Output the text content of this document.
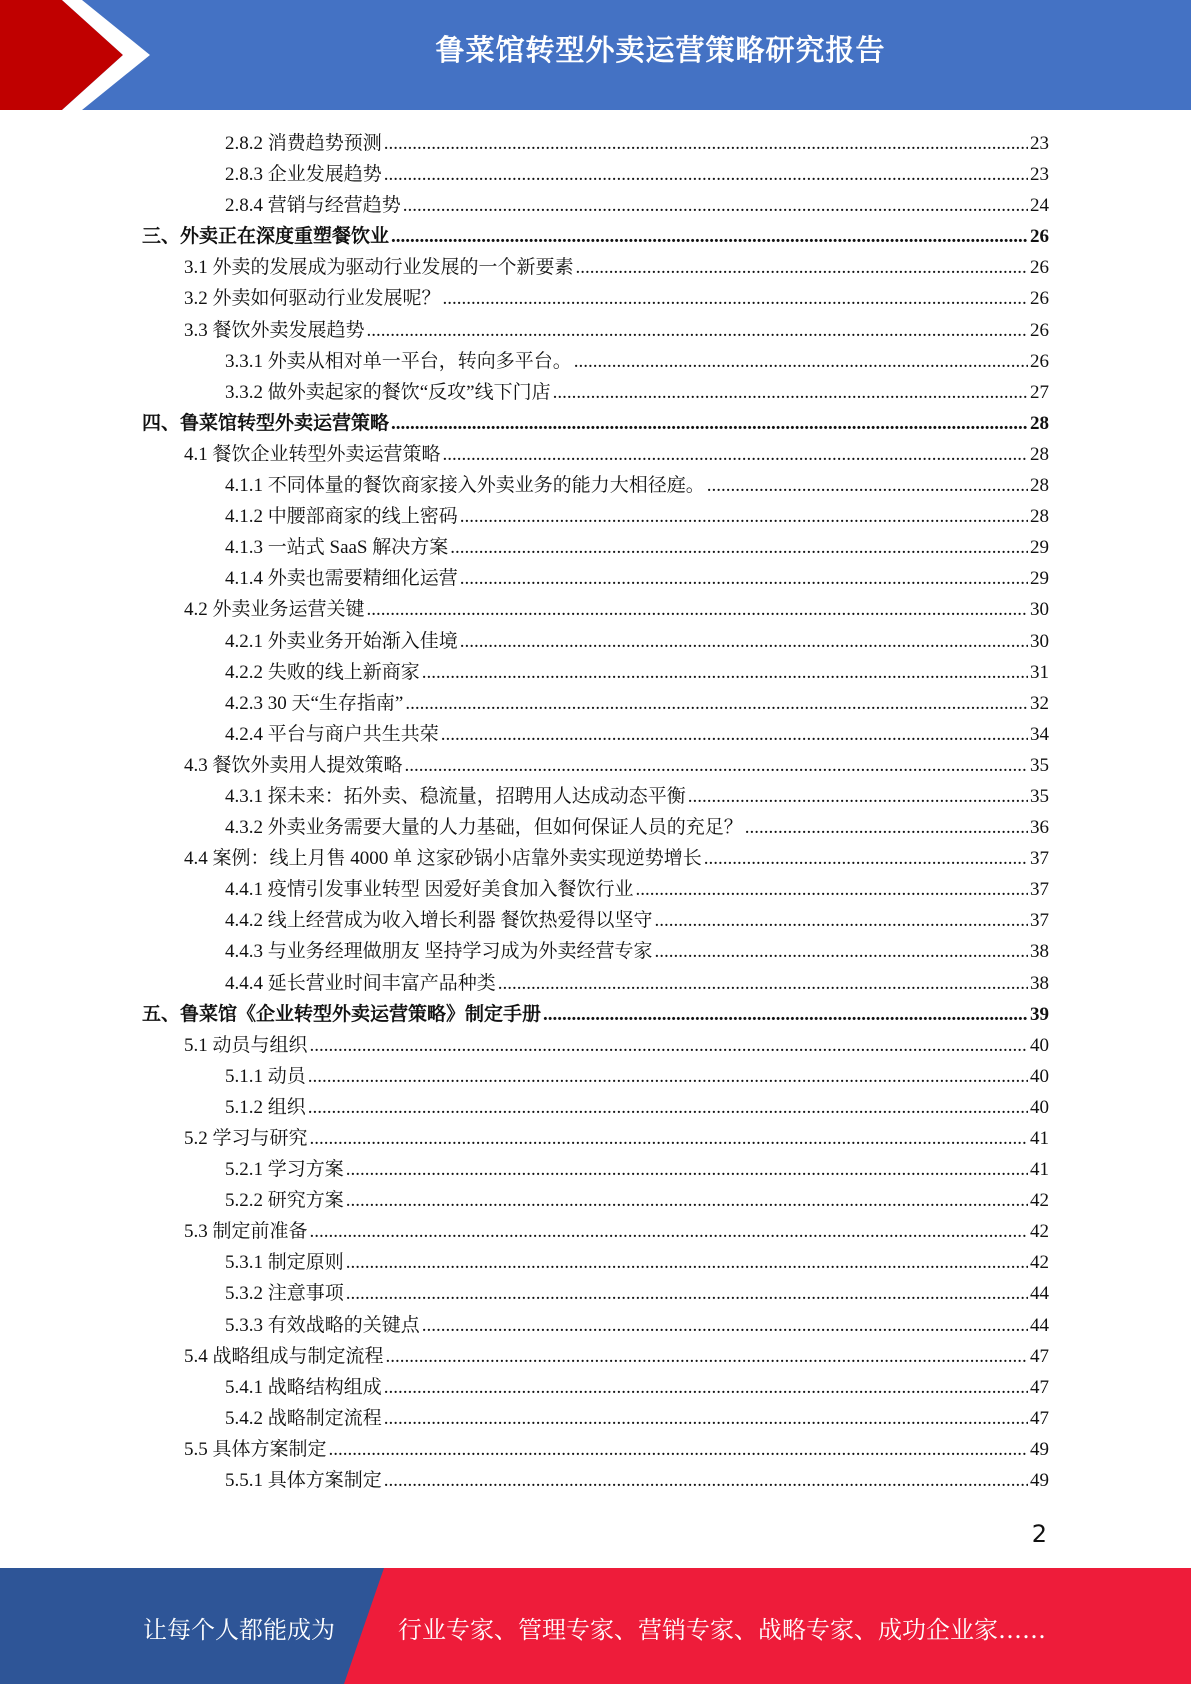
鲁菜馆转型外卖运营策略研究报告
2.8.2 消费趋势预测 .....	23
2.8.3 企业发展趋势 .....	23
2.8.4 营销与经营趋势 .....	24
三、外卖正在深度重塑餐饮业 .....	26
3.1 外卖的发展成为驱动行业发展的一个新要素 .....	26
3.2 外卖如何驱动行业发展呢？ .....	26
3.3 餐饮外卖发展趋势 .....	26
3.3.1 外卖从相对单一平台，转向多平台。 .....	26
3.3.2 做外卖起家的餐饮“反攻”线下门店 .....	27
四、鲁菜馆转型外卖运营策略 .....	28
4.1 餐饮企业转型外卖运营策略 .....	28
4.1.1 不同体量的餐饮商家接入外卖业务的能力大相径庭。 .....	28
4.1.2 中腰部商家的线上密码 .....	28
4.1.3 一站式 SaaS 解决方案 .....	29
4.1.4 外卖也需要精细化运营 .....	29
4.2 外卖业务运营关键 .....	30
4.2.1 外卖业务开始渐入佳境 .....	30
4.2.2 失败的线上新商家 .....	31
4.2.3 30 天“生存指南” .....	32
4.2.4 平台与商户共生共荣 .....	34
4.3 餐饮外卖用人提效策略 .....	35
4.3.1 探未来：拓外卖、稳流量，招聘用人达成动态平衡 .....	35
4.3.2 外卖业务需要大量的人力基础，但如何保证人员的充足？ .....	36
4.4 案例：线上月售 4000 单 这家砂锅小店靠外卖实现逆势增长 .....	37
4.4.1 疫情引发事业转型 因爱好美食加入餐饮行业 .....	37
4.4.2 线上经营成为收入增长利器 餐饮热爱得以坚守 .....	37
4.4.3 与业务经理做朋友 坚持学习成为外卖经营专家 .....	38
4.4.4 延长营业时间丰富产品种类 .....	38
五、鲁菜馆《企业转型外卖运营策略》制定手册 .....	39
5.1 动员与组织 .....	40
5.1.1 动员 .....	40
5.1.2 组织 .....	40
5.2 学习与研究 .....	41
5.2.1 学习方案 .....	41
5.2.2 研究方案 .....	42
5.3 制定前准备 .....	42
5.3.1 制定原则 .....	42
5.3.2 注意事项 .....	44
5.3.3 有效战略的关键点 .....	44
5.4 战略组成与制定流程 .....	47
5.4.1 战略结构组成 .....	47
5.4.2 战略制定流程 .....	47
5.5 具体方案制定 .....	49
5.5.1 具体方案制定 .....	49
2
让每个人都能成为	行业专家、管理专家、营销专家、战略专家、成功企业家……
